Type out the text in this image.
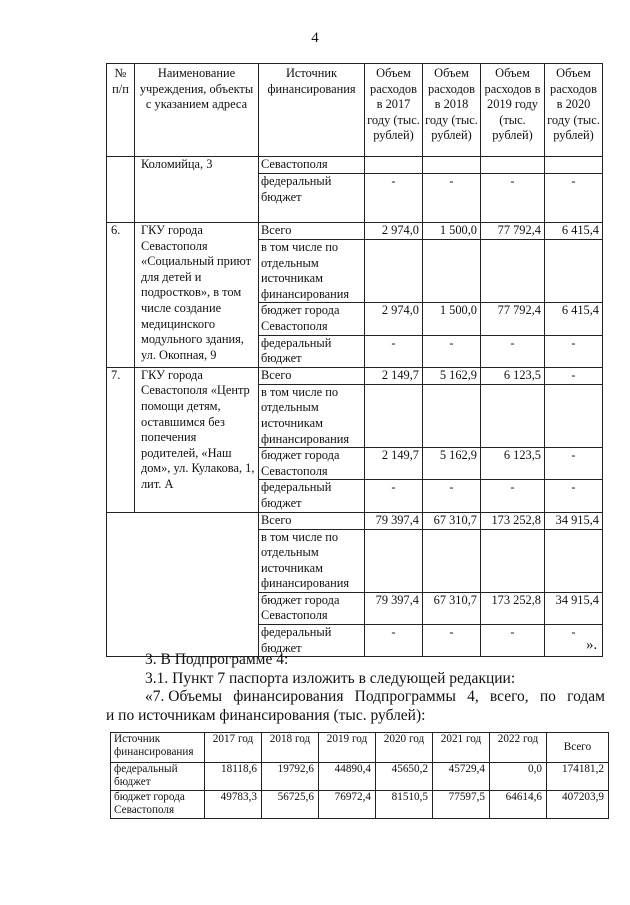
4
№ п/п	Наименование учреждения, объекты с указанием адреса	Источник финансирования	Объем расходов в 2017 году (тыс. рублей)	Объем расходов в 2018 году (тыс. рублей)	Объем расходов в 2019 году (тыс. рублей)	Объем расходов в 2020 году (тыс. рублей)
	Коломийца, 3	Севастополя				
		федеральный бюджет	-	-	-	-
6.	ГКУ города Севастополя «Социальный приют для детей и подростков», в том числе создание медицинского модульного здания, ул. Окопная, 9	Всего	2 974,0	1 500,0	77 792,4	6 415,4
		в том числе по отдельным источникам финансирования				
		бюджет города Севастополя	2 974,0	1 500,0	77 792,4	6 415,4
		федеральный бюджет	-	-	-	-
7.	ГКУ города Севастополя «Центр помощи детям, оставшимся без попечения родителей, «Наш дом», ул. Кулакова, 1, лит. А	Всего	2 149,7	5 162,9	6 123,5	-
		в том числе по отдельным источникам финансирования				
		бюджет города Севастополя	2 149,7	5 162,9	6 123,5	-
		федеральный бюджет	-	-	-	-
		Всего	79 397,4	67 310,7	173 252,8	34 915,4
		в том числе по отдельным источникам финансирования				
		бюджет города Севастополя	79 397,4	67 310,7	173 252,8	34 915,4
		федеральный бюджет	-	-	-	-
».
3. В Подпрограмме 4:
3.1. Пункт 7 паспорта изложить в следующей редакции:
«7. Объемы финансирования Подпрограммы 4, всего, по годам
и по источникам финансирования (тыс. рублей):
Источник финансирования	2017 год	2018 год	2019 год	2020 год	2021 год	2022 год	Всего
федеральный бюджет	18118,6	19792,6	44890,4	45650,2	45729,4	0,0	174181,2
бюджет города Севастополя	49783,3	56725,6	76972,4	81510,5	77597,5	64614,6	407203,9
